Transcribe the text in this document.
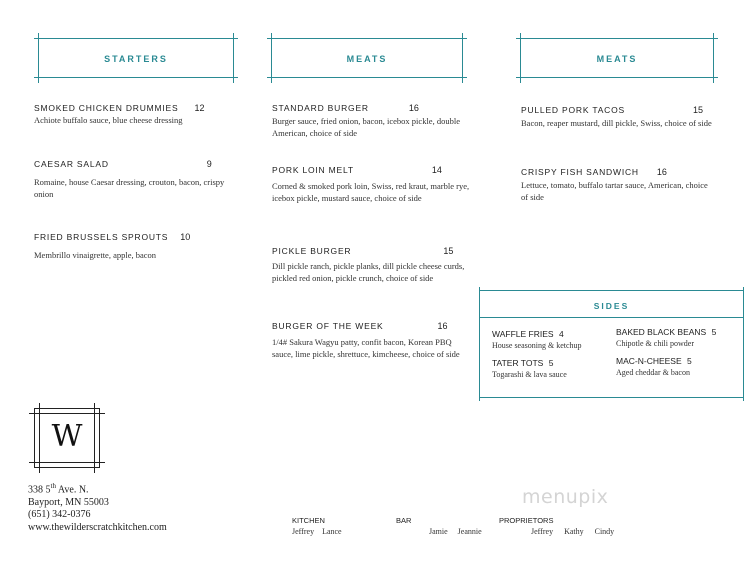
STARTERS	MEATS	MEATS
SMOKED CHICKEN DRUMMIES 12
Achiote buffalo sauce, blue cheese dressing
CAESAR SALAD	9
Romaine, house Caesar dressing, crouton, bacon, crispy onion
FRIED BRUSSELS SPROUTS 10
Membrillo vinaigrette, apple, bacon
STANDARD BURGER	16
Burger sauce, fried onion, bacon, icebox pickle, double American, choice of side
PORK LOIN MELT	14
Corned & smoked pork loin, Swiss, red kraut, marble rye, icebox pickle, mustard sauce, choice of side
PICKLE BURGER	15
Dill pickle ranch, pickle planks, dill pickle cheese curds, pickled red onion, pickle crunch, choice of side
BURGER OF THE WEEK	16
1/4# Sakura Wagyu patty, confit bacon, Korean PBQ sauce, lime pickle, shrettuce, kimcheese, choice of side
PULLED PORK TACOS	15
Bacon, reaper mustard, dill pickle, Swiss, choice of side
CRISPY FISH SANDWICH 16
Lettuce, tomato, buffalo tartar sauce, American, choice of side
SIDES
WAFFLE FRIES 4
House seasoning & ketchup
BAKED BLACK BEANS 5
Chipotle & chili powder
TATER TOTS 5
Togarashi & lava sauce
MAC-N-CHEESE 5
Aged cheddar & bacon
W
338 5th Ave. N.
Bayport, MN 55003
(651) 342-0376
www.thewilderscratchkitchen.com
KITCHEN
Jeffrey Lance
BAR
Jamie Jeannie
PROPRIETORS
Jeffrey Kathy Cindy
menupix
